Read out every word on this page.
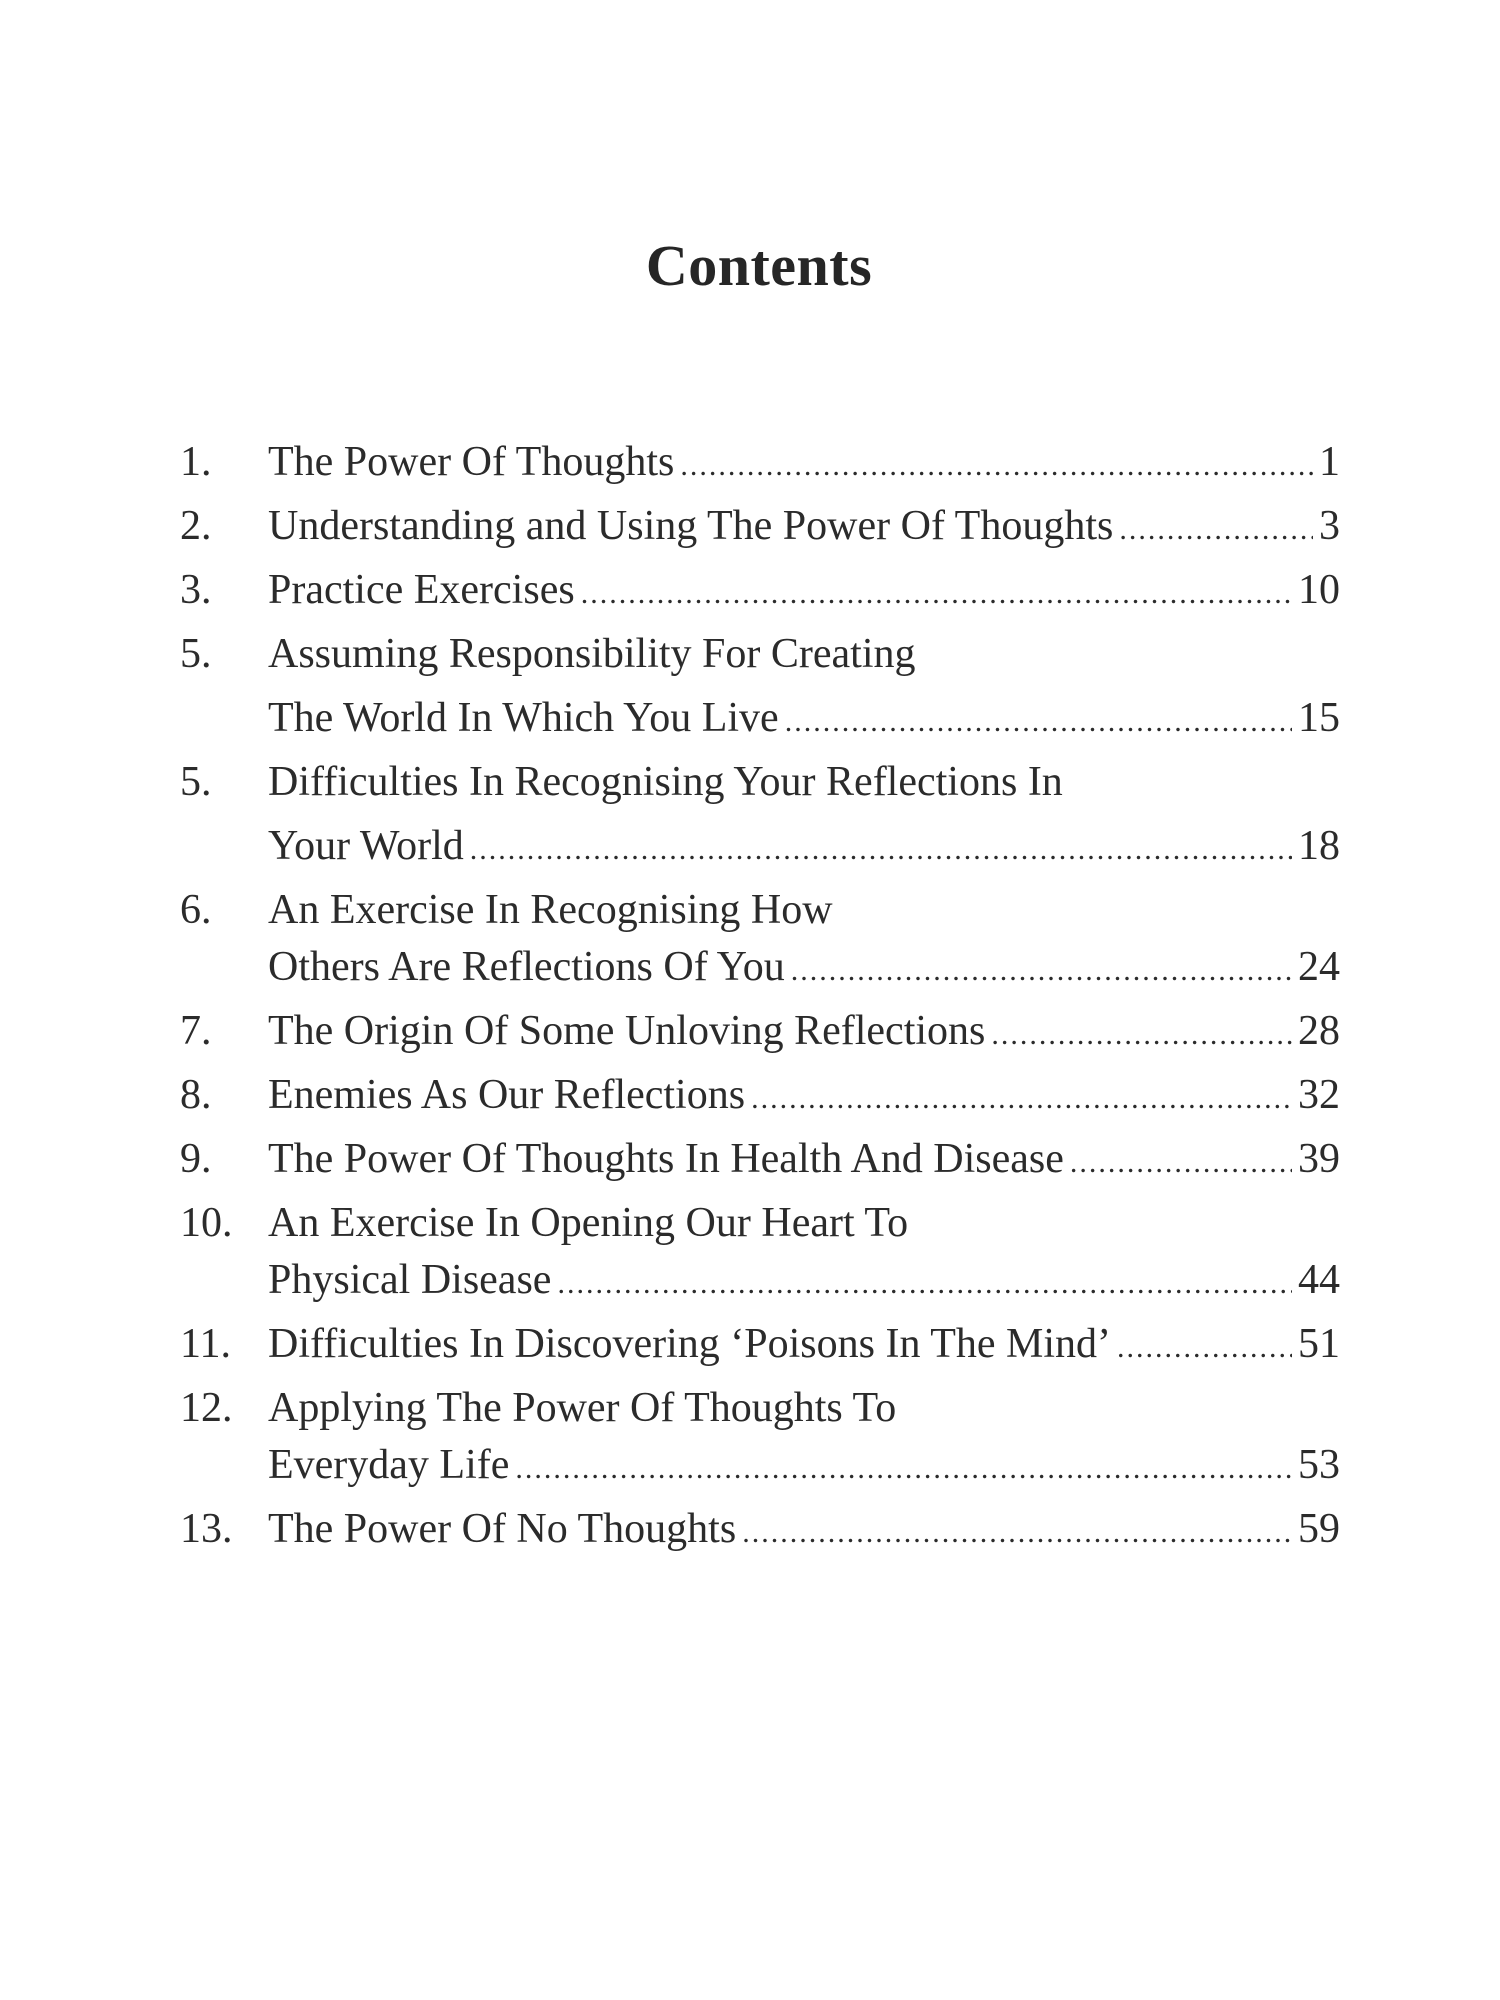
Contents
1.	The Power Of Thoughts .....	1
2.	Understanding and Using The Power Of Thoughts .....	3
3.	Practice Exercises .....	10
5.	Assuming Responsibility For Creating
The World In Which You Live .....	15
5.	Difficulties In Recognising Your Reflections In
Your World .....	18
6.	An Exercise In Recognising How
Others Are Reflections Of You .....	24
7.	The Origin Of Some Unloving Reflections .....	28
8.	Enemies As Our Reflections .....	32
9.	The Power Of Thoughts In Health And Disease .....	39
10. An Exercise In Opening Our Heart To
Physical Disease .....	44
11. Difficulties In Discovering ‘Poisons In The Mind’ .....	51
12. Applying The Power Of Thoughts To
Everyday Life .....	53
13. The Power Of No Thoughts .....	59
